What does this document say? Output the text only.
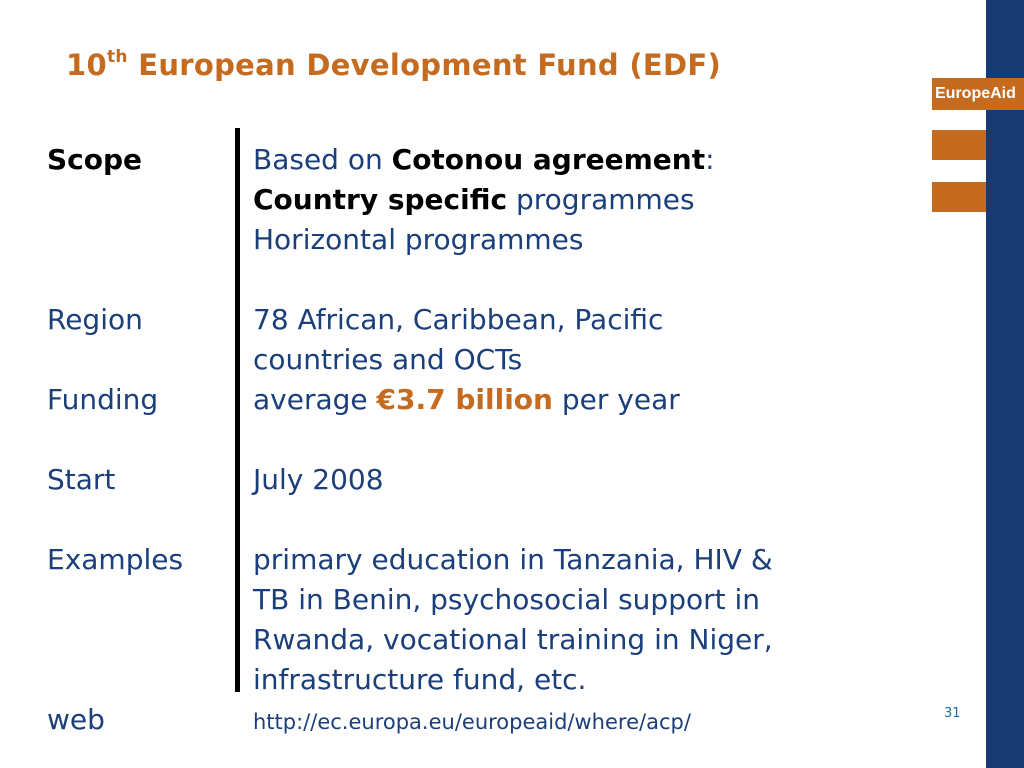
10th European Development Fund (EDF)
EuropeAid
Scope	Based on Cotonou agreement:
Country specific programmes
Horizontal programmes
Region	78 African, Caribbean, Pacific
countries and OCTs
Funding	average €3.7 billion per year
Start	July 2008
Examples primary education in Tanzania, HIV &
TB in Benin, psychosocial support in
Rwanda, vocational training in Niger,
infrastructure fund, etc.
web	http://ec.europa.eu/europeaid/where/acp/	31
